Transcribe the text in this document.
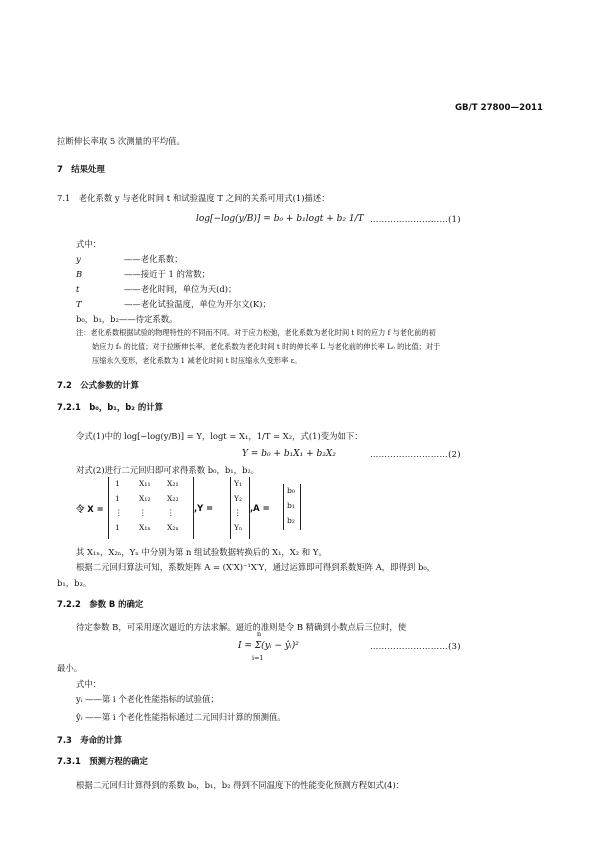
GB/T 27800—2011
拉断伸长率取 5 次测量的平均值。
7　结果处理
7.1　老化系数 y 与老化时间 t 和试验温度 T 之间的关系可用式(1)描述：
log[−log(y/B)] = b₀ + b₁logt + b₂ 1/T ………………………(1)
式中：
y	——老化系数；
B	——接近于 1 的常数；
t	——老化时间，单位为天(d)；
T	——老化试验温度，单位为开尔文(K)；
b₀，b₁，b₂——待定系数。
注：老化系数根据试验的物理特性的不同而不同。对于应力松弛，老化系数为老化时间 t 时的应力 f 与老化前的初
始应力 f₀ 的比值；对于拉断伸长率，老化系数为老化时间 t 时的伸长率 L 与老化前的伸长率 L₀ 的比值；对于
压缩永久变形，老化系数为 1 减老化时间 t 时压缩永久变形率 ε。
7.2　公式参数的计算
7.2.1　b₀，b₁，b₂ 的计算
令式(1)中的 log[−log(y/B)] = Y，logt = X₁，1/T = X₂，式(1)变为如下：
Y = b₀ + b₁X₁ + b₂X₂	………………………(2)
对式(2)进行二元回归即可求得系数 b₀，b₁，b₂。
令 X =
1	X₁₁ X₂₁
1	X₁₂ X₂₂
⋮ ⋮	⋮
1	X₁ₙ X₂ₙ
,Y =
Y₁
Y₂
⋮
Yₙ
,A =
b₀
b₁
b₂
其 X₁ₙ，X₂ₙ，Yₙ 中分别为第 n 组试验数据转换后的 X₁，X₂ 和 Y。
根据二元回归算法可知，系数矩阵 A = (X′X)⁻¹X′Y，通过运算即可得到系数矩阵 A，即得到 b₀，
b₁，b₂。
7.2.2　参数 B 的确定
待定参数 B，可采用逐次逼近的方法求解。逼近的准则是令 B 精确到小数点后三位时，使
n
I = Σ(yᵢ − ŷᵢ)²
i=1
………………………(3)
最小。
式中：
yᵢ ——第 i 个老化性能指标的试验值；
ŷᵢ ——第 i 个老化性能指标通过二元回归计算的预测值。
7.3　寿命的计算
7.3.1　预测方程的确定
根据二元回归计算得到的系数 b₀，b₁，b₂ 得到不同温度下的性能变化预测方程如式(4)：
